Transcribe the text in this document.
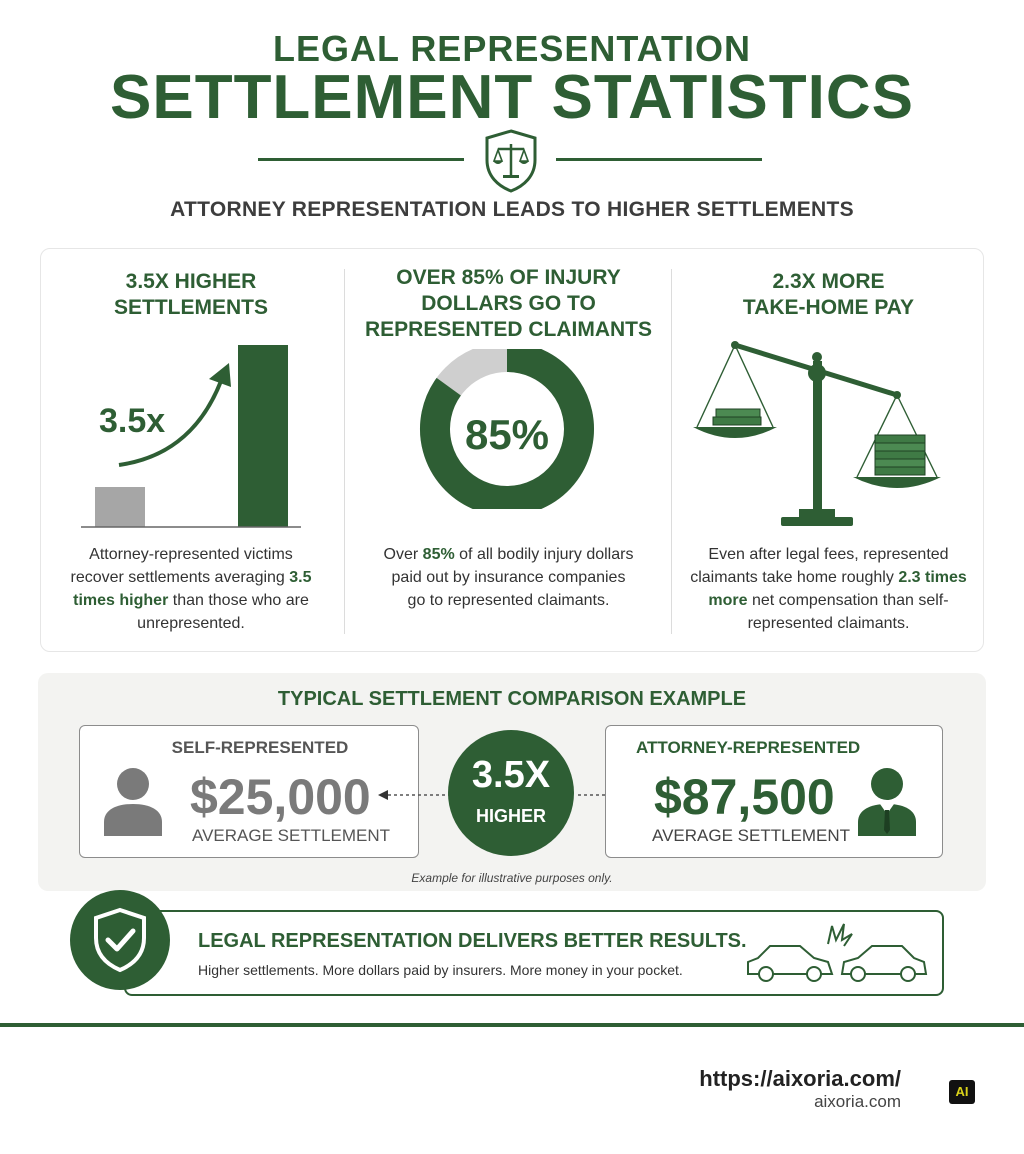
LEGAL REPRESENTATION
SETTLEMENT STATISTICS
ATTORNEY REPRESENTATION LEADS TO HIGHER SETTLEMENTS
3.5X HIGHER
SETTLEMENTS
3.5x
Attorney-represented victims recover settlements averaging 3.5 times higher than those who are unrepresented.
OVER 85% OF INJURY
DOLLARS GO TO
REPRESENTED CLAIMANTS
85%
Over 85% of all bodily injury dollars paid out by insurance companies go to represented claimants.
2.3X MORE
TAKE-HOME PAY
Even after legal fees, represented claimants take home roughly 2.3 times more net compensation than self-represented claimants.
TYPICAL SETTLEMENT COMPARISON EXAMPLE
SELF-REPRESENTED
$25,000
AVERAGE SETTLEMENT
3.5X
HIGHER
ATTORNEY-REPRESENTED
$87,500
AVERAGE SETTLEMENT
Example for illustrative purposes only.
LEGAL REPRESENTATION DELIVERS BETTER RESULTS.
Higher settlements. More dollars paid by insurers. More money in your pocket.
https://aixoria.com/
aixoria.com
AI
